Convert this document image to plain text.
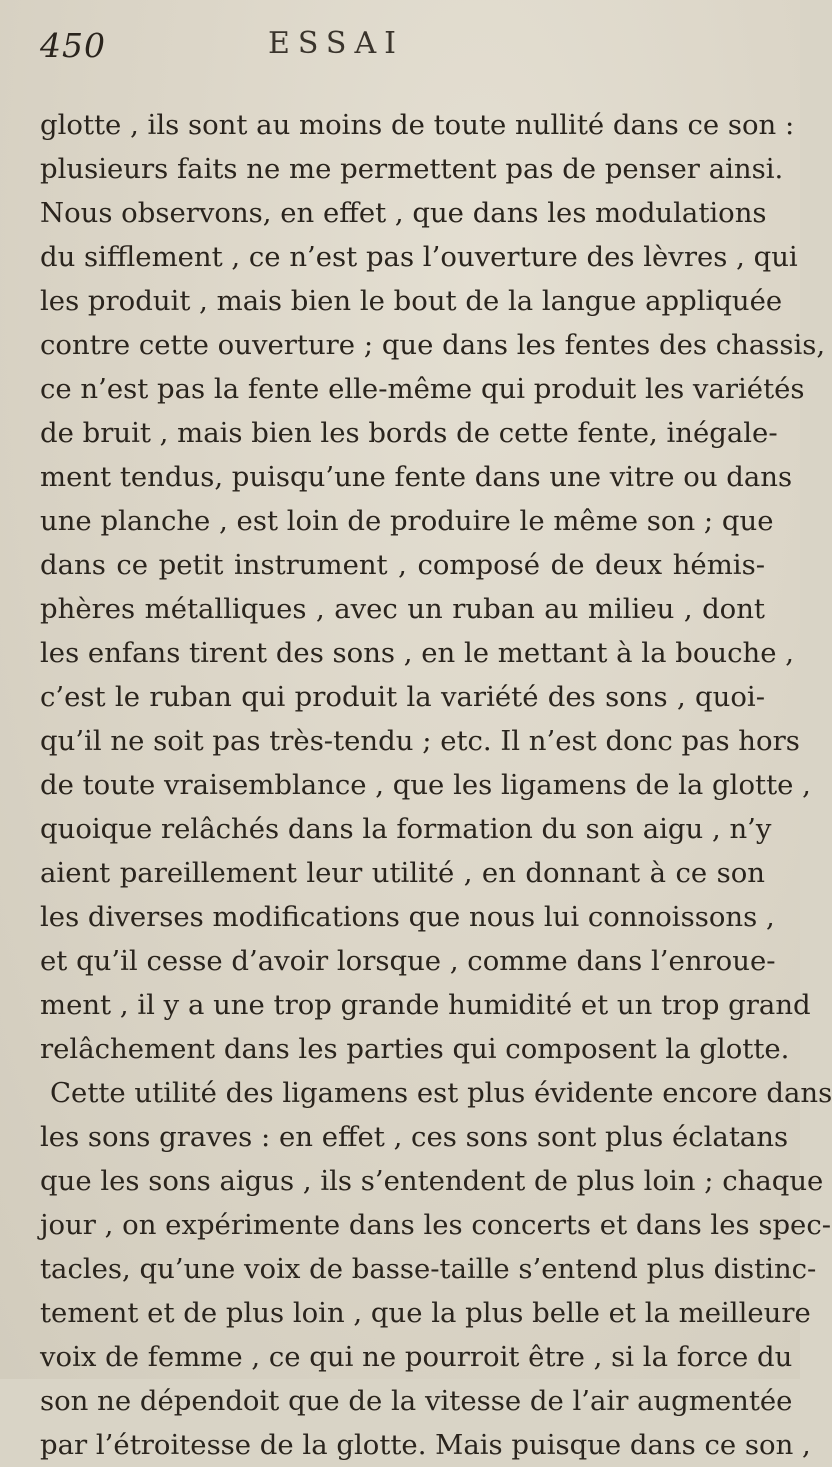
450	ESSAI
glotte , ils sont au moins de toute nullité dans ce son :
plusieurs faits ne me permettent pas de penser ainsi.
Nous observons, en effet , que dans les modulations
du sifflement , ce n’est pas l’ouverture des lèvres , qui
les produit , mais bien le bout de la langue appliquée
contre cette ouverture ; que dans les fentes des chassis,
ce n’est pas la fente elle-même qui produit les variétés
de bruit , mais bien les bords de cette fente, inégale-
ment tendus, puisqu’une fente dans une vitre ou dans
une planche , est loin de produire le même son ; que
dans ce petit instrument , composé de deux hémis-
phères métalliques , avec un ruban au milieu , dont
les enfans tirent des sons , en le mettant à la bouche ,
c’est le ruban qui produit la variété des sons , quoi-
qu’il ne soit pas très-tendu ; etc. Il n’est donc pas hors
de toute vraisemblance , que les ligamens de la glotte ,
quoique relâchés dans la formation du son aigu , n’y
aient pareillement leur utilité , en donnant à ce son
les diverses modifications que nous lui connoissons ,
et qu’il cesse d’avoir lorsque , comme dans l’enroue-
ment , il y a une trop grande humidité et un trop grand
relâchement dans les parties qui composent la glotte.
Cette utilité des ligamens est plus évidente encore dans
les sons graves : en effet , ces sons sont plus éclatans
que les sons aigus , ils s’entendent de plus loin ; chaque
jour , on expérimente dans les concerts et dans les spec-
tacles, qu’une voix de basse-taille s’entend plus distinc-
tement et de plus loin , que la plus belle et la meilleure
voix de femme , ce qui ne pourroit être , si la force du
son ne dépendoit que de la vitesse de l’air augmentée
par l’étroitesse de la glotte. Mais puisque dans ce son ,
